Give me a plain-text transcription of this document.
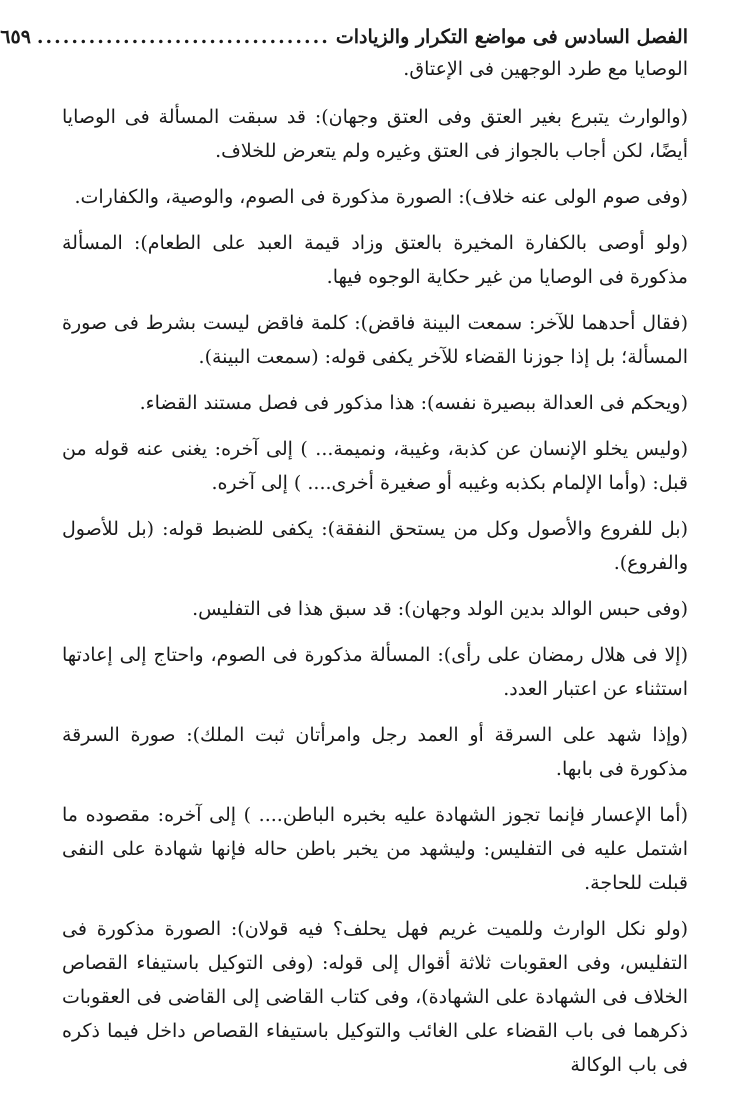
الفصل السادس فى مواضع التكرار والزيادات
..................................
٦٥٩

الوصايا مع طرد الوجهين فى الإعتاق.

(والوارث يتبرع بغير العتق وفى العتق وجهان): قد سبقت المسألة فى الوصايا أيضًا، لكن أجاب بالجواز فى العتق وغيره ولم يتعرض للخلاف.

(وفى صوم الولى عنه خلاف): الصورة مذكورة فى الصوم، والوصية، والكفارات.

(ولو أوصى بالكفارة المخيرة بالعتق وزاد قيمة العبد على الطعام): المسألة مذكورة فى الوصايا من غير حكاية الوجوه فيها.

(فقال أحدهما للآخر: سمعت البينة فاقض): كلمة فاقض ليست بشرط فى صورة المسألة؛ بل إذا جوزنا القضاء للآخر يكفى قوله: (سمعت البينة).

(ويحكم فى العدالة ببصيرة نفسه): هذا مذكور فى فصل مستند القضاء.

(وليس يخلو الإنسان عن كذبة، وغيبة، ونميمة... ) إلى آخره: يغنى عنه قوله من قبل: (وأما الإلمام بكذبه وغيبه أو صغيرة أخرى.... ) إلى آخره.

(بل للفروع والأصول وكل من يستحق النفقة): يكفى للضبط قوله: (بل للأصول والفروع).

(وفى حبس الوالد بدين الولد وجهان): قد سبق هذا فى التفليس.

(إلا فى هلال رمضان على رأى): المسألة مذكورة فى الصوم، واحتاج إلى إعادتها استثناء عن اعتبار العدد.

(وإذا شهد على السرقة أو العمد رجل وامرأتان ثبت الملك): صورة السرقة مذكورة فى بابها.

(أما الإعسار فإنما تجوز الشهادة عليه بخبره الباطن.... ) إلى آخره: مقصوده ما اشتمل عليه فى التفليس: وليشهد من يخبر باطن حاله فإنها شهادة على النفى قبلت للحاجة.

(ولو نكل الوارث وللميت غريم فهل يحلف؟ فيه قولان): الصورة مذكورة فى التفليس، وفى العقوبات ثلاثة أقوال إلى قوله: (وفى التوكيل باستيفاء القصاص الخلاف فى الشهادة على الشهادة)، وفى كتاب القاضى إلى القاضى فى العقوبات ذكرهما فى باب القضاء على الغائب والتوكيل باستيفاء القصاص داخل فيما ذكره فى باب الوكالة
